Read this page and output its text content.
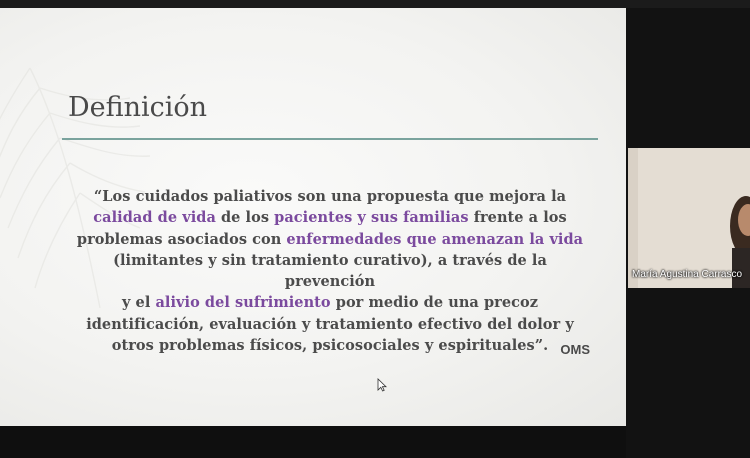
Definición

“Los cuidados paliativos son una propuesta que mejora la
calidad de vida de los pacientes y sus familias frente a los
problemas asociados con enfermedades que amenazan la vida
(limitantes y sin tratamiento curativo), a través de la prevención
y el alivio del sufrimiento por medio de una precoz
identificación, evaluación y tratamiento efectivo del dolor y
otros problemas físicos, psicosociales y espirituales”. OMS

María Agustina Carrasco
